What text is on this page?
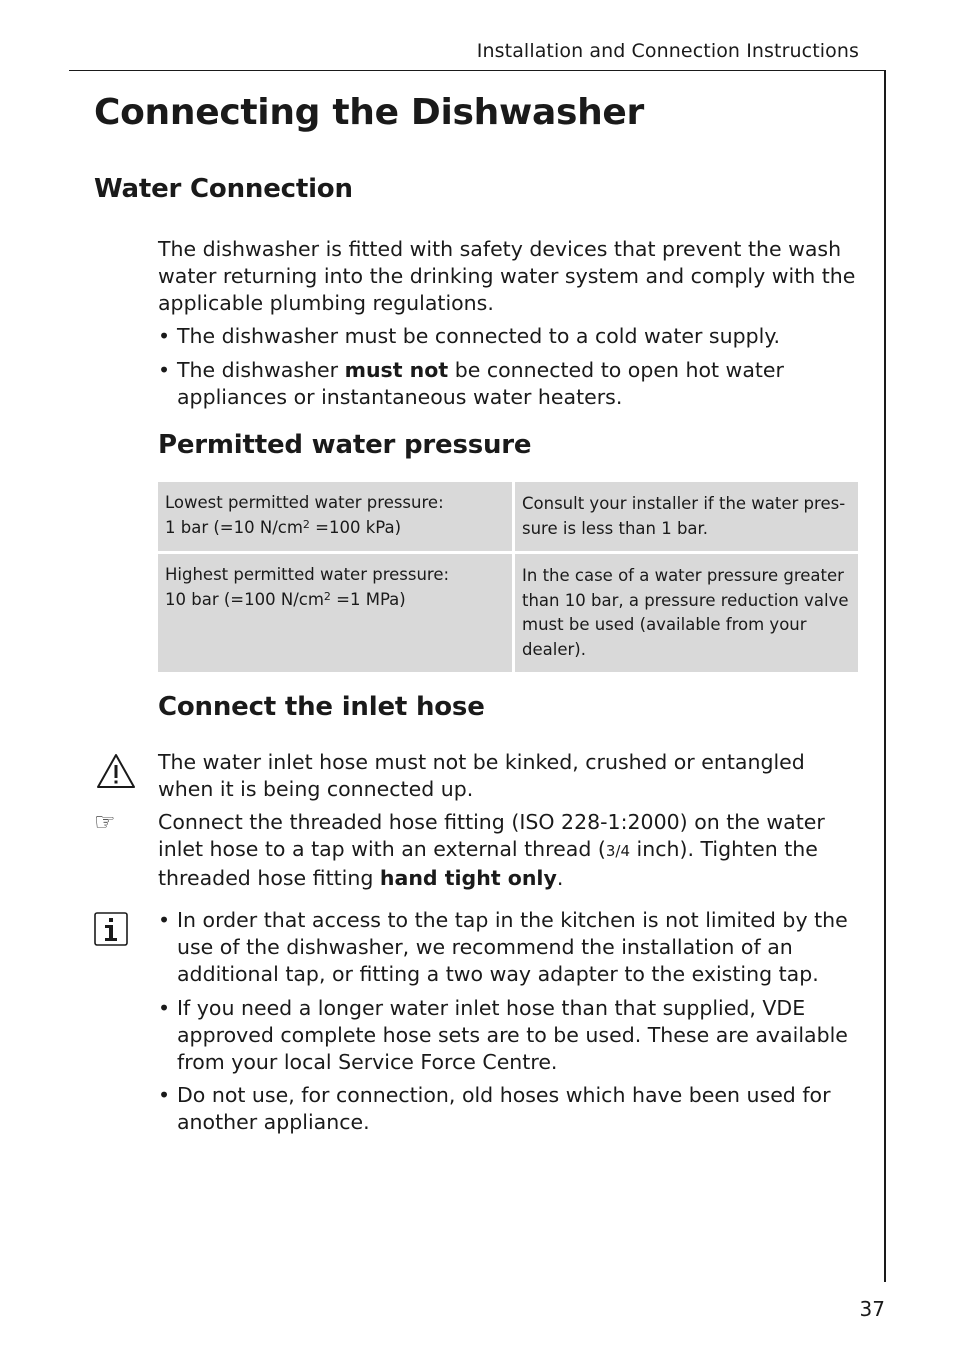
Installation and Connection Instructions
Connecting the Dishwasher
Water Connection

The dishwasher is fitted with safety devices that prevent the wash water returning into the drinking water system and comply with the applicable plumbing regulations.

• The dishwasher must be connected to a cold water supply.
• The dishwasher must not be connected to open hot water appliances or instantaneous water heaters.
Permitted water pressure
Lowest permitted water pressure:
1 bar (=10 $N/cm^2 =100$ kPa)	Consult your installer if the water pres-sure is less than 1 bar.

Highest permitted water pressure:
10 bar (=100 $N/cm^2 =1$ MPa)	In the case of a water pressure greater than 10 bar, a pressure reduction valve must be used (available from your dealer).
Connect the inlet hose

The water inlet hose must not be kinked, crushed or entangled when it is being connected up.

☞ Connect the threaded hose fitting (ISO 228-1:2000) on the water inlet hose to a tap with an external thread (3/4 inch). Tighten the threaded hose fitting hand tight only.

• In order that access to the tap in the kitchen is not limited by the use of the dishwasher, we recommend the installation of an additional tap, or fitting a two way adapter to the existing tap.
• If you need a longer water inlet hose than that supplied, VDE approved complete hose sets are to be used. These are available from your local Service Force Centre.
• Do not use, for connection, old hoses which have been used for another appliance.
37
